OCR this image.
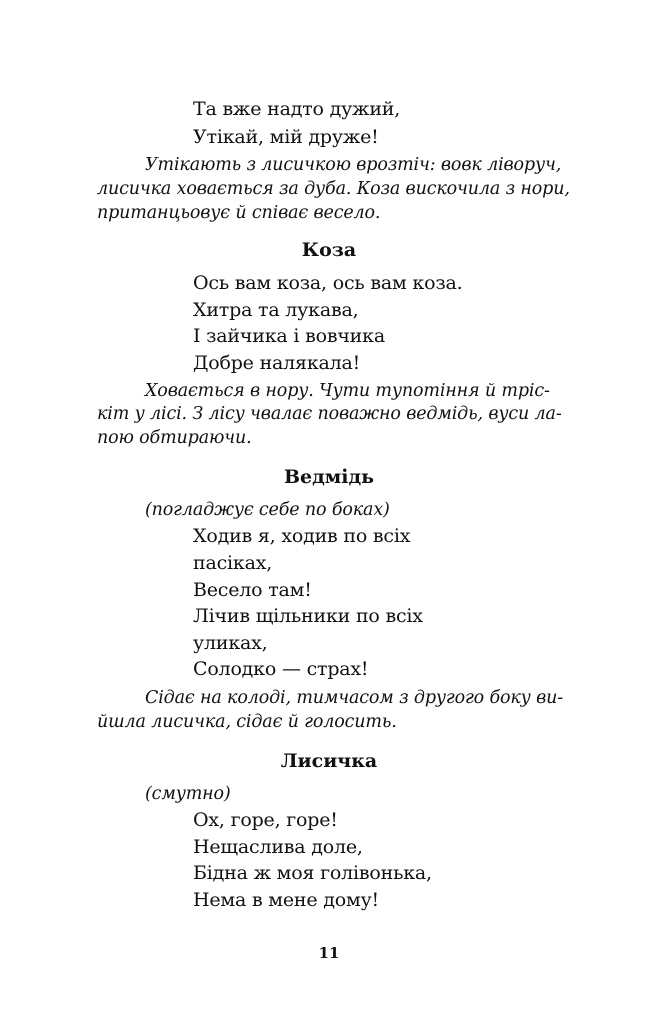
Та вже надто дужий,
Утікай, мій друже!
Утікають з лисичкою врозтіч: вовк ліворуч,
лисичка ховається за дуба. Коза вискочила з нори,
пританцьовує й співає весело.
Коза
Ось вам коза, ось вам коза.
Хитра та лукава,
І зайчика і вовчика
Добре налякала!
Ховається в нору. Чути тупотіння й тріс-
кіт у лісі. З лісу чвалає поважно ведмідь, вуси ла-
пою обтираючи.
Ведмідь
(погладжує себе по боках)
Ходив я, ходив по всіх
пасіках,
Весело там!
Лічив щільники по всіх
уликах,
Солодко — страх!
Сідає на колоді, тимчасом з другого боку ви-
йшла лисичка, сідає й голосить.
Лисичка
(смутно)
Ох, горе, горе!
Нещаслива доле,
Бідна ж моя голівонька,
Нема в мене дому!
11
